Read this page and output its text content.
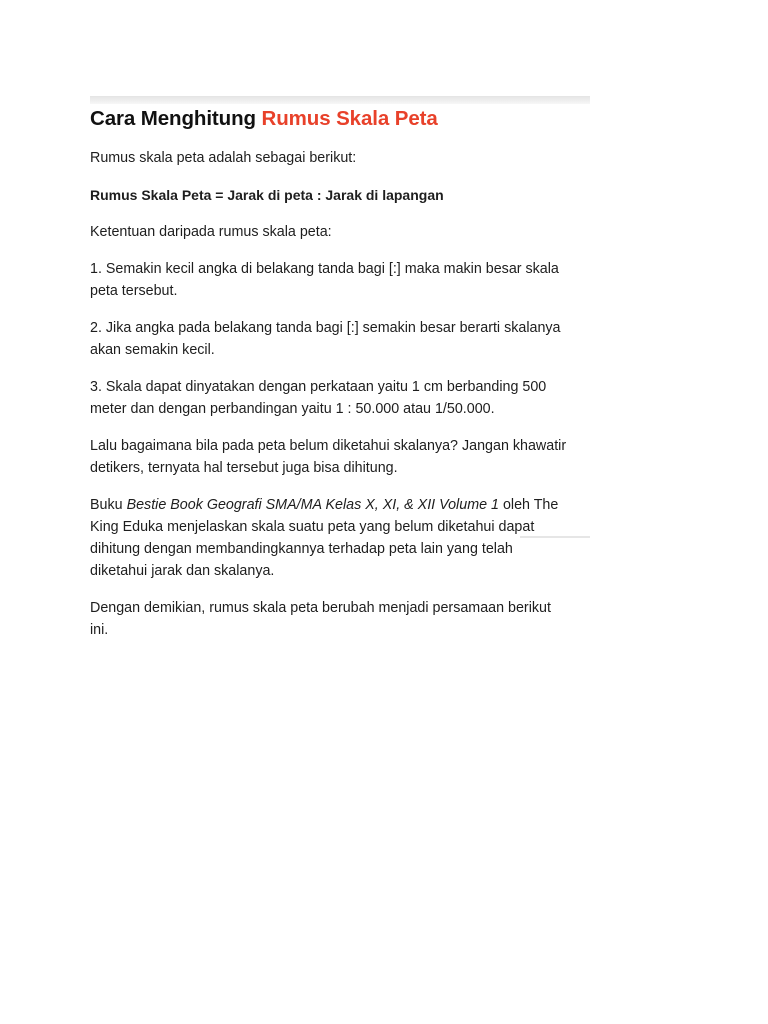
Cara Menghitung Rumus Skala Peta

Rumus skala peta adalah sebagai berikut:

Rumus Skala Peta = Jarak di peta : Jarak di lapangan

Ketentuan daripada rumus skala peta:

1. Semakin kecil angka di belakang tanda bagi [:] maka makin besar skala peta tersebut.

2. Jika angka pada belakang tanda bagi [:] semakin besar berarti skalanya akan semakin kecil.

3. Skala dapat dinyatakan dengan perkataan yaitu 1 cm berbanding 500 meter dan dengan perbandingan yaitu 1 : 50.000 atau 1/50.000.

Lalu bagaimana bila pada peta belum diketahui skalanya? Jangan khawatir detikers, ternyata hal tersebut juga bisa dihitung.

Buku Bestie Book Geografi SMA/MA Kelas X, XI, & XII Volume 1 oleh The King Eduka menjelaskan skala suatu peta yang belum diketahui dapat dihitung dengan membandingkannya terhadap peta lain yang telah diketahui jarak dan skalanya.

Dengan demikian, rumus skala peta berubah menjadi persamaan berikut ini.
